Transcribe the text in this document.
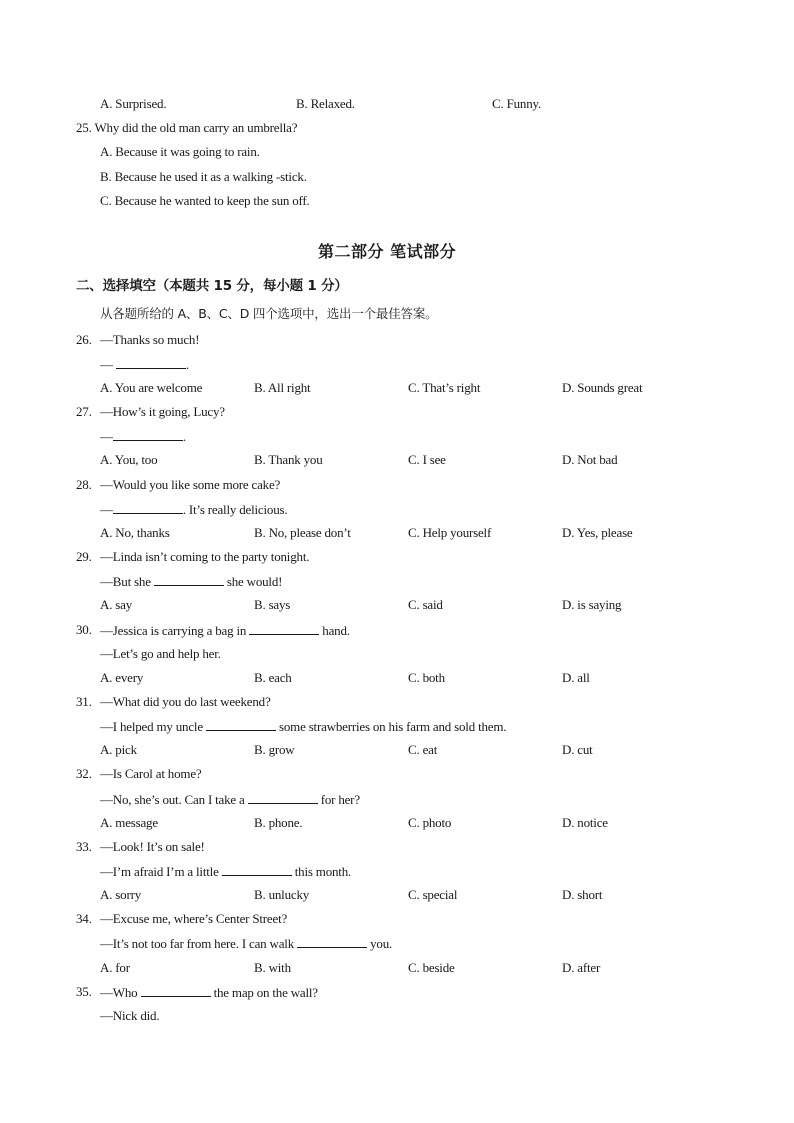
A. Surprised.	B. Relaxed.	C. Funny.
25. Why did the old man carry an umbrella?
A. Because it was going to rain.
B. Because he used it as a walking -stick.
C. Because he wanted to keep the sun off.
第二部分 笔试部分
二、选择填空（本题共 15 分，每小题 1 分）
从各题所给的 A、B、C、D 四个选项中，选出一个最佳答案。
26. —Thanks so much!
—	.
A. You are welcome	B. All right	C. That’s right	D. Sounds great
27. —How’s it going, Lucy?
—	.
A. You, too	B. Thank you	C. I see	D. Not bad
28. —Would you like some more cake?
—	. It’s really delicious.
A. No, thanks	B. No, please don’t	C. Help yourself	D. Yes, please
29. —Linda isn’t coming to the party tonight.
—But she	she would!
A. say	B. says	C. said	D. is saying
30. —Jessica is carrying a bag in	hand.
—Let’s go and help her.
A. every	B. each	C. both	D. all
31. —What did you do last weekend?
—I helped my uncle	some strawberries on his farm and sold them.
A. pick	B. grow	C. eat	D. cut
32. —Is Carol at home?
—No, she’s out. Can I take a	for her?
A. message	B. phone.	C. photo	D. notice
33. —Look! It’s on sale!
—I’m afraid I’m a little	this month.
A. sorry	B. unlucky	C. special	D. short
34. —Excuse me, where’s Center Street?
—It’s not too far from here. I can walk	you.
A. for	B. with	C. beside	D. after
35. —Who	the map on the wall?
—Nick did.
